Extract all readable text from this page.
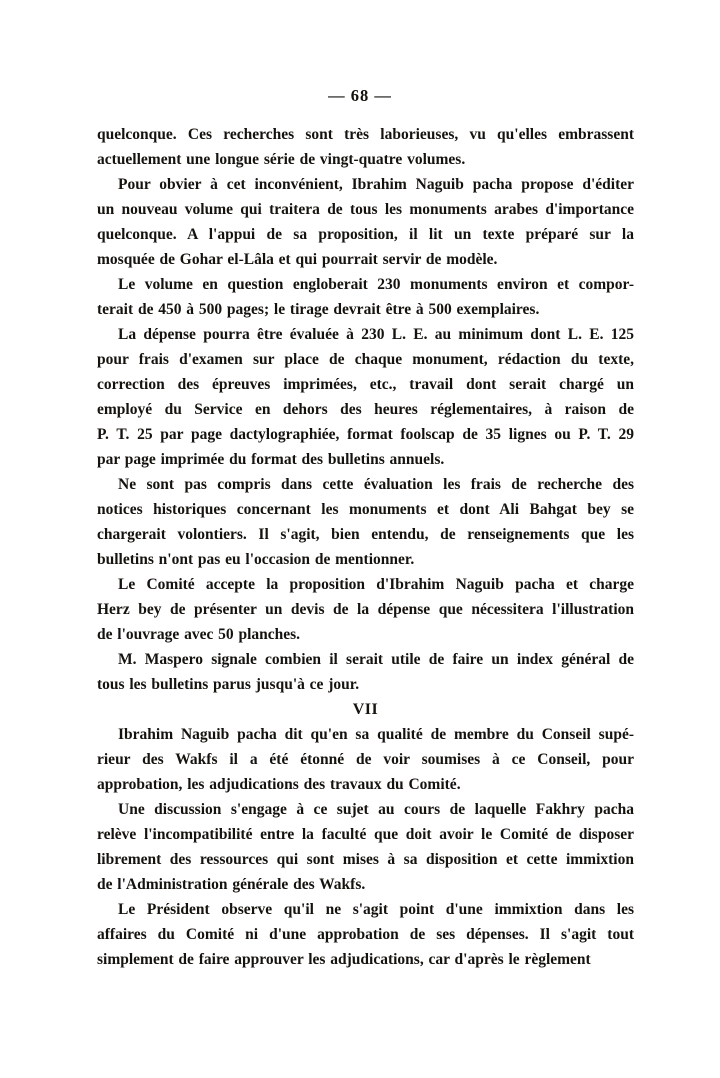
— 68 —
quelconque. Ces recherches sont très laborieuses, vu qu'elles embrassent
actuellement une longue série de vingt-quatre volumes.
Pour obvier à cet inconvénient, Ibrahim Naguib pacha propose d'éditer
un nouveau volume qui traitera de tous les monuments arabes d'importance
quelconque. A l'appui de sa proposition, il lit un texte préparé sur la
mosquée de Gohar el-Lâla et qui pourrait servir de modèle.
Le volume en question engloberait 230 monuments environ et compor-
terait de 450 à 500 pages; le tirage devrait être à 500 exemplaires.
La dépense pourra être évaluée à 230 L. E. au minimum dont L. E. 125
pour frais d'examen sur place de chaque monument, rédaction du texte,
correction des épreuves imprimées, etc., travail dont serait chargé un
employé du Service en dehors des heures réglementaires, à raison de
P. T. 25 par page dactylographiée, format foolscap de 35 lignes ou P. T. 29
par page imprimée du format des bulletins annuels.
Ne sont pas compris dans cette évaluation les frais de recherche des
notices historiques concernant les monuments et dont Ali Bahgat bey se
chargerait volontiers. Il s'agit, bien entendu, de renseignements que les
bulletins n'ont pas eu l'occasion de mentionner.
Le Comité accepte la proposition d'Ibrahim Naguib pacha et charge
Herz bey de présenter un devis de la dépense que nécessitera l'illustration
de l'ouvrage avec 50 planches.
M. Maspero signale combien il serait utile de faire un index général de
tous les bulletins parus jusqu'à ce jour.
VII
Ibrahim Naguib pacha dit qu'en sa qualité de membre du Conseil supé-
rieur des Wakfs il a été étonné de voir soumises à ce Conseil, pour
approbation, les adjudications des travaux du Comité.
Une discussion s'engage à ce sujet au cours de laquelle Fakhry pacha
relève l'incompatibilité entre la faculté que doit avoir le Comité de disposer
librement des ressources qui sont mises à sa disposition et cette immixtion
de l'Administration générale des Wakfs.
Le Président observe qu'il ne s'agit point d'une immixtion dans les
affaires du Comité ni d'une approbation de ses dépenses. Il s'agit tout
simplement de faire approuver les adjudications, car d'après le règlement
